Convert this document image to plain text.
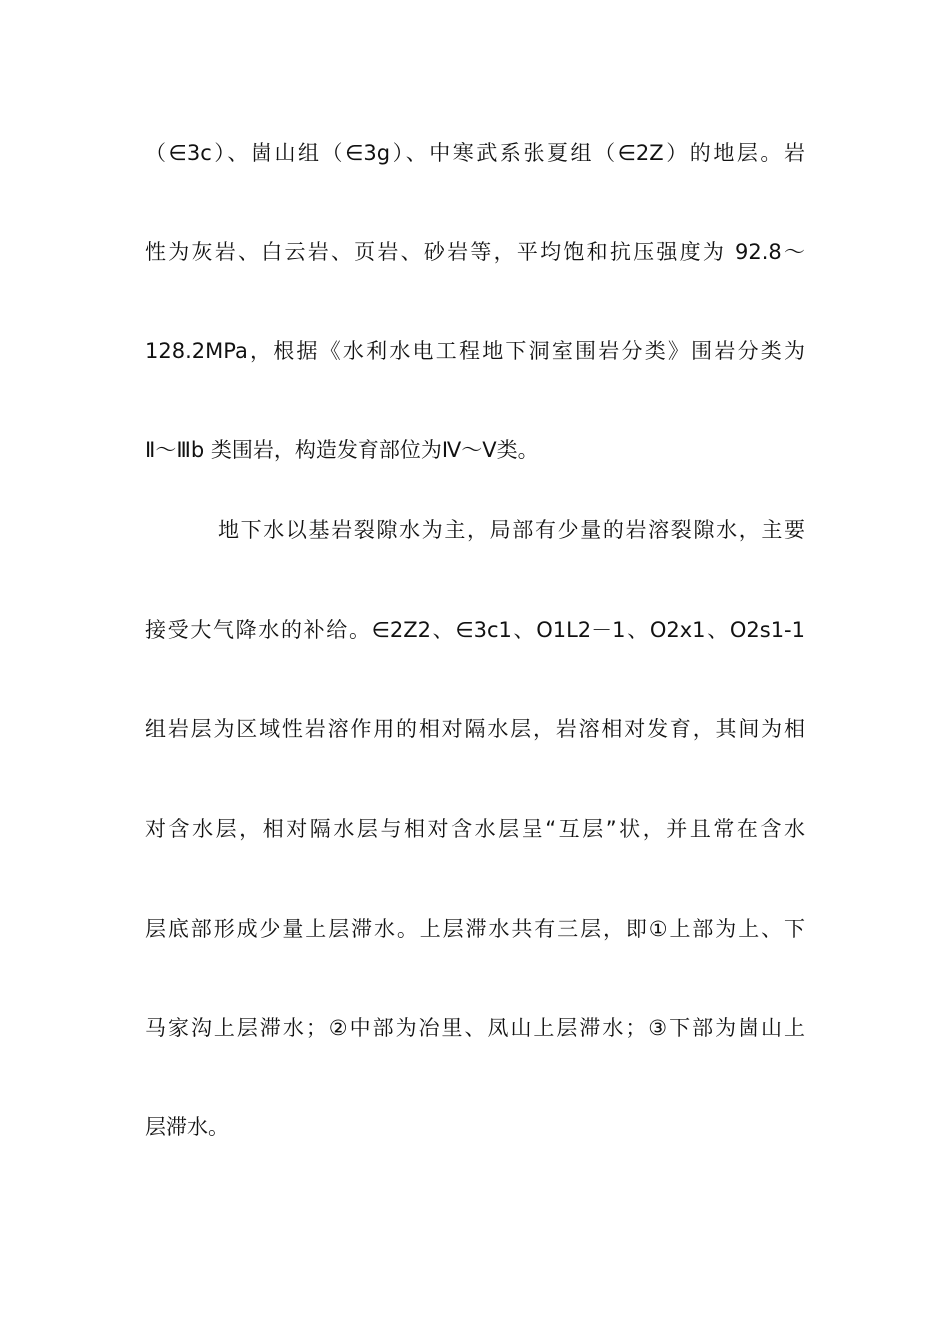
（∈3c）、崮山组（∈3g）、中寒武系张夏组（∈2Z）的地层。岩
性为灰岩、白云岩、页岩、砂岩等，平均饱和抗压强度为 92.8～
128.2MPa，根据《水利水电工程地下洞室围岩分类》围岩分类为
Ⅱ～Ⅲb 类围岩，构造发育部位为Ⅳ～Ⅴ类。
地下水以基岩裂隙水为主，局部有少量的岩溶裂隙水，主要
接受大气降水的补给。∈2Z2、∈3c1、O1L2－1、O2x1、O2s1-1
组岩层为区域性岩溶作用的相对隔水层，岩溶相对发育，其间为相
对含水层，相对隔水层与相对含水层呈“互层”状，并且常在含水
层底部形成少量上层滞水。上层滞水共有三层，即①上部为上、下
马家沟上层滞水；②中部为冶里、凤山上层滞水；③下部为崮山上
层滞水。
